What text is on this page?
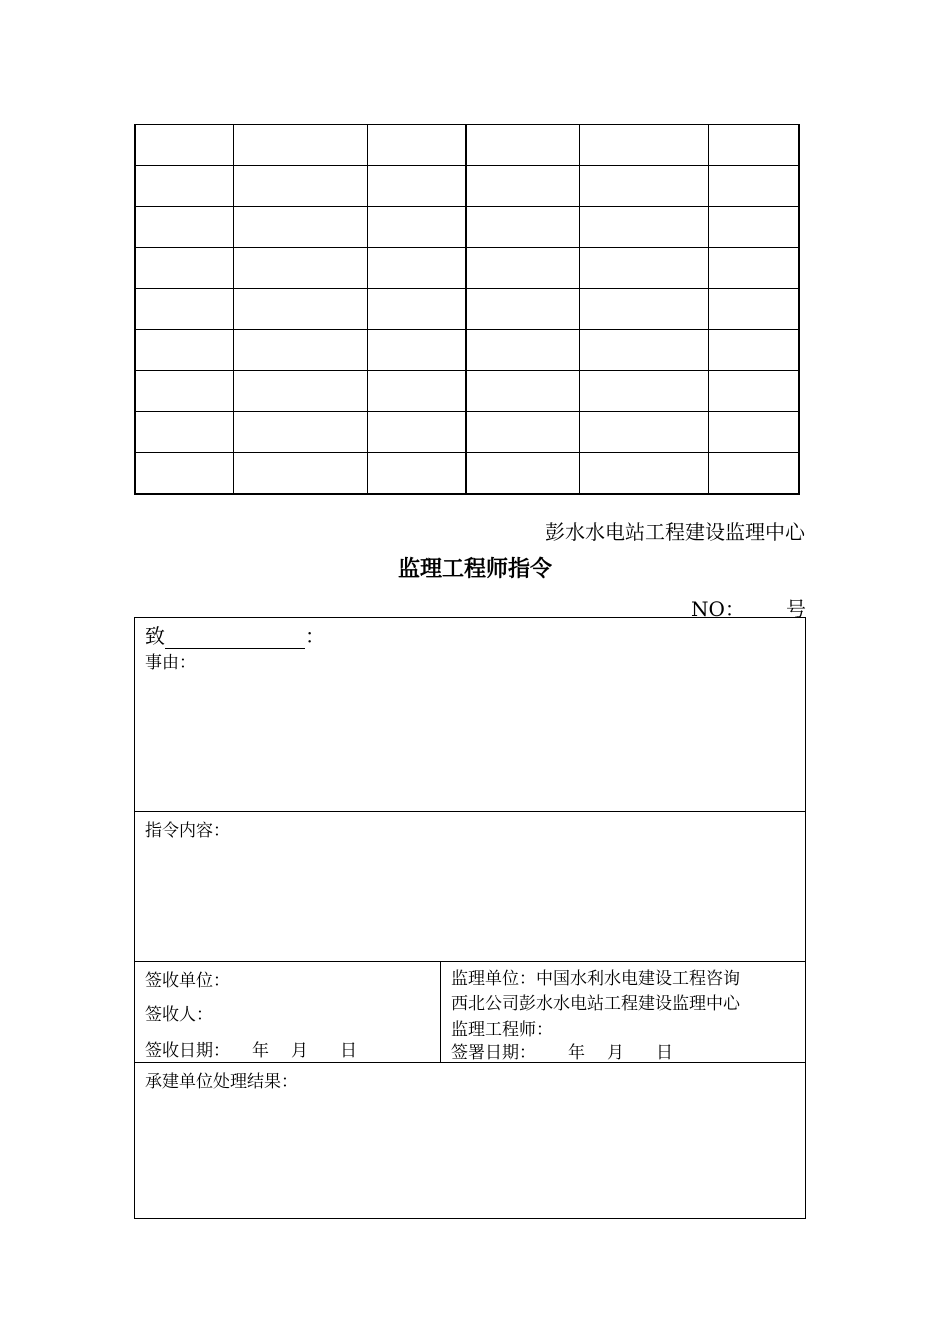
彭水水电站工程建设监理中心
监理工程师指令
NO： 号
致	：
事由：
指令内容：
签收单位：
签收人：
签收日期： 年 月 日
监理单位：中国水利水电建设工程咨询
西北公司彭水水电站工程建设监理中心
监理工程师：
签署日期： 年 月 日
承建单位处理结果：
